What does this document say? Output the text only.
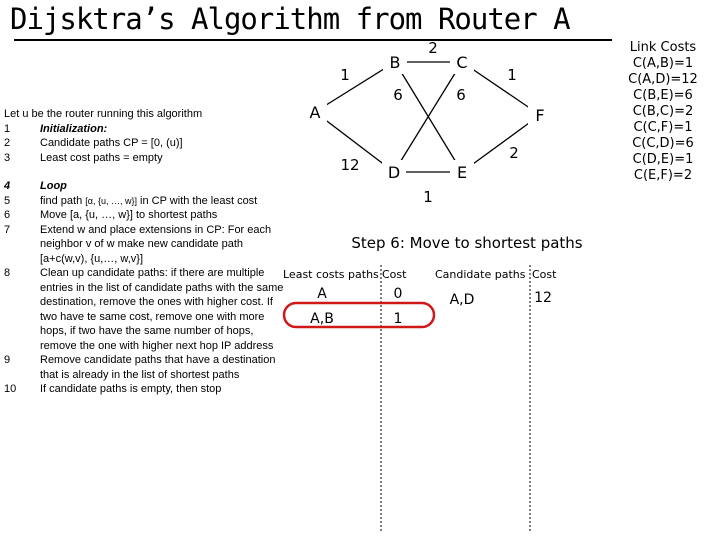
Dijsktra’s Algorithm from Router A
Link Costs
C(A,B)=1
C(A,D)=12
C(B,E)=6
C(B,C)=2
C(C,F)=1
C(C,D)=6
C(D,E)=1
C(E,F)=2
Let u be the router running this algorithm
1	Initialization:
2	Candidate paths CP = [0, (u)]
3	Least cost paths = empty
4	Loop
5	find path [α, {u, …, w}] in CP with the least cost
6	Move [a, {u, …, w}] to shortest paths
7	Extend w and place extensions in CP: For each neighbor v of w make new candidate path [a+c(w,v), {u,…, w,v}]
8	Clean up candidate paths: if there are multiple entries in the list of candidate paths with the same destination, remove the ones with higher cost. If two have te same cost, remove one with more hops, if two have the same number of hops, remove the one with higher next hop IP address
9	Remove candidate paths that have a destination that is already in the list of shortest paths
10	If candidate paths is empty, then stop
A
B	C
D	E
F
1
2
1
6	6
12
2
1
Step 6: Move to shortest paths
Least costs paths Cost	Candidate paths Cost
A	0
A,B	1
A,D	12
